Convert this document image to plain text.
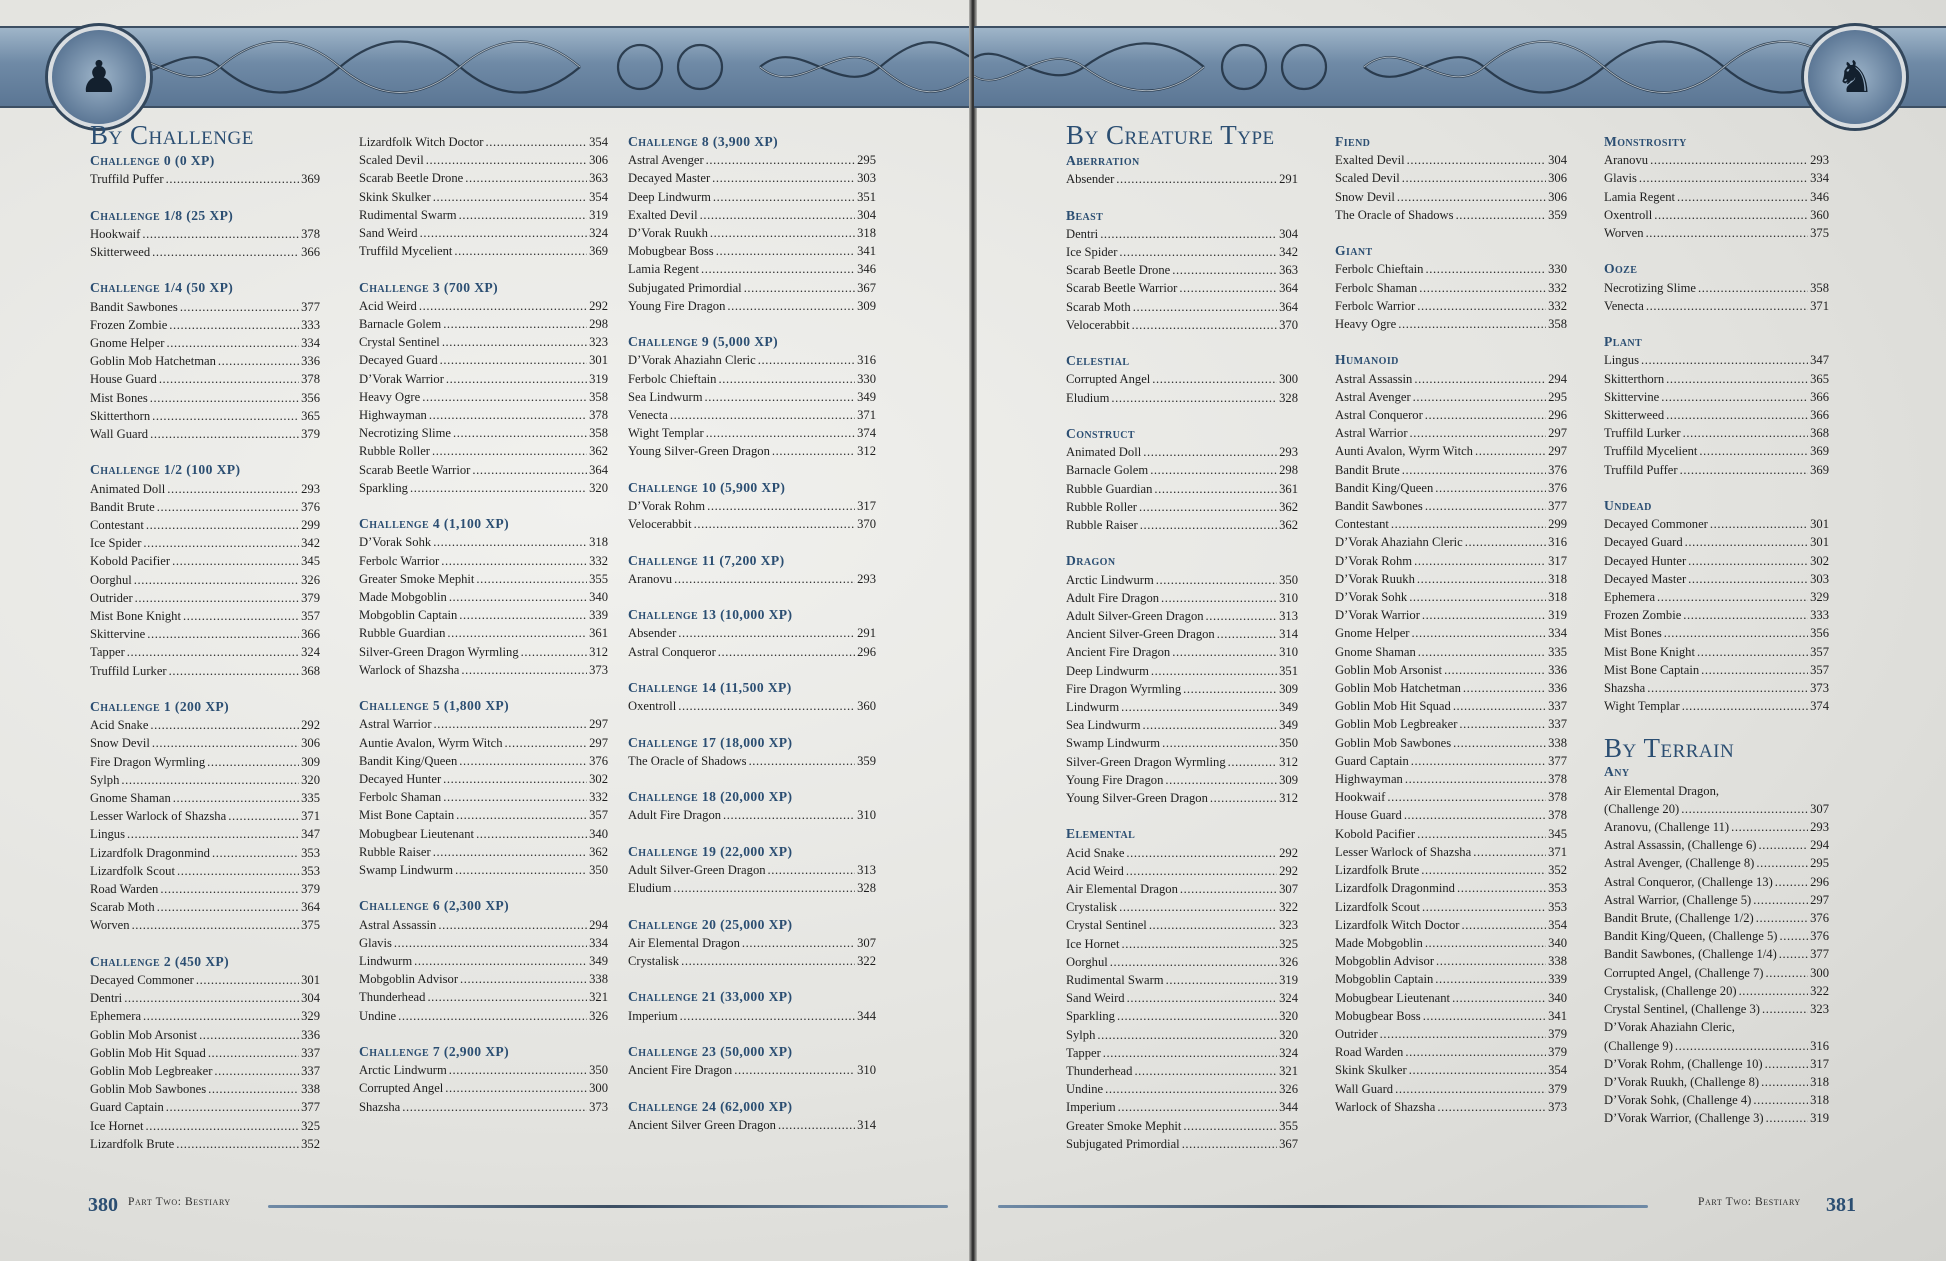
♟
By Challenge
Challenge 0 (0 XP)
Truffild Puffer .....	369
Challenge 1/8 (25 XP)
Hookwaif .....	378
Skitterweed .....	366
Challenge 1/4 (50 XP)
Bandit Sawbones .....	377
Frozen Zombie .....	333
Gnome Helper .....	334
Goblin Mob Hatchetman .....	336
House Guard .....	378
Mist Bones .....	356
Skitterthorn .....	365
Wall Guard .....	379
Challenge 1/2 (100 XP)
Animated Doll .....	293
Bandit Brute .....	376
Contestant .....	299
Ice Spider .....	342
Kobold Pacifier .....	345
Oorghul .....	326
Outrider .....	379
Mist Bone Knight .....	357
Skittervine .....	366
Tapper .....	324
Truffild Lurker .....	368
Challenge 1 (200 XP)
Acid Snake .....	292
Snow Devil .....	306
Fire Dragon Wyrmling .....	309
Sylph .....	320
Gnome Shaman .....	335
Lesser Warlock of Shazsha .....	371
Lingus .....	347
Lizardfolk Dragonmind .....	353
Lizardfolk Scout .....	353
Road Warden .....	379
Scarab Moth .....	364
Worven .....	375
Challenge 2 (450 XP)
Decayed Commoner .....	301
Dentri .....	304
Ephemera .....	329
Goblin Mob Arsonist .....	336
Goblin Mob Hit Squad .....	337
Goblin Mob Legbreaker .....	337
Goblin Mob Sawbones .....	338
Guard Captain .....	377
Ice Hornet .....	325
Lizardfolk Brute .....	352
Lizardfolk Witch Doctor .....	354
Scaled Devil .....	306
Scarab Beetle Drone .....	363
Skink Skulker .....	354
Rudimental Swarm .....	319
Sand Weird .....	324
Truffild Mycelient .....	369
Challenge 3 (700 XP)
Acid Weird .....	292
Barnacle Golem .....	298
Crystal Sentinel .....	323
Decayed Guard .....	301
D’Vorak Warrior .....	319
Heavy Ogre .....	358
Highwayman .....	378
Necrotizing Slime .....	358
Rubble Roller .....	362
Scarab Beetle Warrior .....	364
Sparkling .....	320
Challenge 4 (1,100 XP)
D’Vorak Sohk .....	318
Ferbolc Warrior .....	332
Greater Smoke Mephit .....	355
Made Mobgoblin .....	340
Mobgoblin Captain .....	339
Rubble Guardian .....	361
Silver-Green Dragon Wyrmling .....	312
Warlock of Shazsha .....	373
Challenge 5 (1,800 XP)
Astral Warrior .....	297
Auntie Avalon, Wyrm Witch .....	297
Bandit King/Queen .....	376
Decayed Hunter .....	302
Ferbolc Shaman .....	332
Mist Bone Captain .....	357
Mobugbear Lieutenant .....	340
Rubble Raiser .....	362
Swamp Lindwurm .....	350
Challenge 6 (2,300 XP)
Astral Assassin .....	294
Glavis .....	334
Lindwurm .....	349
Mobgoblin Advisor .....	338
Thunderhead .....	321
Undine .....	326
Challenge 7 (2,900 XP)
Arctic Lindwurm .....	350
Corrupted Angel .....	300
Shazsha .....	373
Challenge 8 (3,900 XP)
Astral Avenger .....	295
Decayed Master .....	303
Deep Lindwurm .....	351
Exalted Devil .....	304
D’Vorak Ruukh .....	318
Mobugbear Boss .....	341
Lamia Regent .....	346
Subjugated Primordial .....	367
Young Fire Dragon .....	309
Challenge 9 (5,000 XP)
D’Vorak Ahaziahn Cleric .....	316
Ferbolc Chieftain .....	330
Sea Lindwurm .....	349
Venecta .....	371
Wight Templar .....	374
Young Silver-Green Dragon .....	312
Challenge 10 (5,900 XP)
D’Vorak Rohm .....	317
Velocerabbit .....	370
Challenge 11 (7,200 XP)
Aranovu .....	293
Challenge 13 (10,000 XP)
Absender .....	291
Astral Conqueror .....	296
Challenge 14 (11,500 XP)
Oxentroll .....	360
Challenge 17 (18,000 XP)
The Oracle of Shadows .....	359
Challenge 18 (20,000 XP)
Adult Fire Dragon .....	310
Challenge 19 (22,000 XP)
Adult Silver-Green Dragon .....	313
Eludium .....	328
Challenge 20 (25,000 XP)
Air Elemental Dragon .....	307
Crystalisk .....	322
Challenge 21 (33,000 XP)
Imperium .....	344
Challenge 23 (50,000 XP)
Ancient Fire Dragon .....	310
Challenge 24 (62,000 XP)
Ancient Silver Green Dragon .....	314
380 Part Two: Bestiary
♞
By Creature Type
Aberration
Absender .....	291
Beast
Dentri .....	304
Ice Spider .....	342
Scarab Beetle Drone .....	363
Scarab Beetle Warrior .....	364
Scarab Moth .....	364
Velocerabbit .....	370
Celestial
Corrupted Angel .....	300
Eludium .....	328
Construct
Animated Doll .....	293
Barnacle Golem .....	298
Rubble Guardian .....	361
Rubble Roller .....	362
Rubble Raiser .....	362
Dragon
Arctic Lindwurm .....	350
Adult Fire Dragon .....	310
Adult Silver-Green Dragon .....	313
Ancient Silver-Green Dragon .....	314
Ancient Fire Dragon .....	310
Deep Lindwurm .....	351
Fire Dragon Wyrmling .....	309
Lindwurm .....	349
Sea Lindwurm .....	349
Swamp Lindwurm .....	350
Silver-Green Dragon Wyrmling .....	312
Young Fire Dragon .....	309
Young Silver-Green Dragon .....	312
Elemental
Acid Snake .....	292
Acid Weird .....	292
Air Elemental Dragon .....	307
Crystalisk .....	322
Crystal Sentinel .....	323
Ice Hornet .....	325
Oorghul .....	326
Rudimental Swarm .....	319
Sand Weird .....	324
Sparkling .....	320
Sylph .....	320
Tapper .....	324
Thunderhead .....	321
Undine .....	326
Imperium .....	344
Greater Smoke Mephit .....	355
Subjugated Primordial .....	367
Fiend
Exalted Devil .....	304
Scaled Devil .....	306
Snow Devil .....	306
The Oracle of Shadows .....	359
Giant
Ferbolc Chieftain .....	330
Ferbolc Shaman .....	332
Ferbolc Warrior .....	332
Heavy Ogre .....	358
Humanoid
Astral Assassin .....	294
Astral Avenger .....	295
Astral Conqueror .....	296
Astral Warrior .....	297
Aunti Avalon, Wyrm Witch .....	297
Bandit Brute .....	376
Bandit King/Queen .....	376
Bandit Sawbones .....	377
Contestant .....	299
D’Vorak Ahaziahn Cleric .....	316
D’Vorak Rohm .....	317
D’Vorak Ruukh .....	318
D’Vorak Sohk .....	318
D’Vorak Warrior .....	319
Gnome Helper .....	334
Gnome Shaman .....	335
Goblin Mob Arsonist .....	336
Goblin Mob Hatchetman .....	336
Goblin Mob Hit Squad .....	337
Goblin Mob Legbreaker .....	337
Goblin Mob Sawbones .....	338
Guard Captain .....	377
Highwayman .....	378
Hookwaif .....	378
House Guard .....	378
Kobold Pacifier .....	345
Lesser Warlock of Shazsha .....	371
Lizardfolk Brute .....	352
Lizardfolk Dragonmind .....	353
Lizardfolk Scout .....	353
Lizardfolk Witch Doctor .....	354
Made Mobgoblin .....	340
Mobgoblin Advisor .....	338
Mobgoblin Captain .....	339
Mobugbear Lieutenant .....	340
Mobugbear Boss .....	341
Outrider .....	379
Road Warden .....	379
Skink Skulker .....	354
Wall Guard .....	379
Warlock of Shazsha .....	373
Monstrosity
Aranovu .....	293
Glavis .....	334
Lamia Regent .....	346
Oxentroll .....	360
Worven .....	375
Ooze
Necrotizing Slime .....	358
Venecta .....	371
Plant
Lingus .....	347
Skitterthorn .....	365
Skittervine .....	366
Skitterweed .....	366
Truffild Lurker .....	368
Truffild Mycelient .....	369
Truffild Puffer .....	369
Undead
Decayed Commoner .....	301
Decayed Guard .....	301
Decayed Hunter .....	302
Decayed Master .....	303
Ephemera .....	329
Frozen Zombie .....	333
Mist Bones .....	356
Mist Bone Knight .....	357
Mist Bone Captain .....	357
Shazsha .....	373
Wight Templar .....	374
By Terrain
Any
Air Elemental Dragon,
(Challenge 20) .....	307
Aranovu, (Challenge 11) .....	293
Astral Assassin, (Challenge 6) .....	294
Astral Avenger, (Challenge 8) .....	295
Astral Conqueror, (Challenge 13) .....	296
Astral Warrior, (Challenge 5) .....	297
Bandit Brute, (Challenge 1/2) .....	376
Bandit King/Queen, (Challenge 5) .....	376
Bandit Sawbones, (Challenge 1/4) .....	377
Corrupted Angel, (Challenge 7) .....	300
Crystalisk, (Challenge 20) .....	322
Crystal Sentinel, (Challenge 3) .....	323
D’Vorak Ahaziahn Cleric,
(Challenge 9) .....	316
D’Vorak Rohm, (Challenge 10) .....	317
D’Vorak Ruukh, (Challenge 8) .....	318
D’Vorak Sohk, (Challenge 4) .....	318
D’Vorak Warrior, (Challenge 3) .....	319
Part Two: Bestiary 381
